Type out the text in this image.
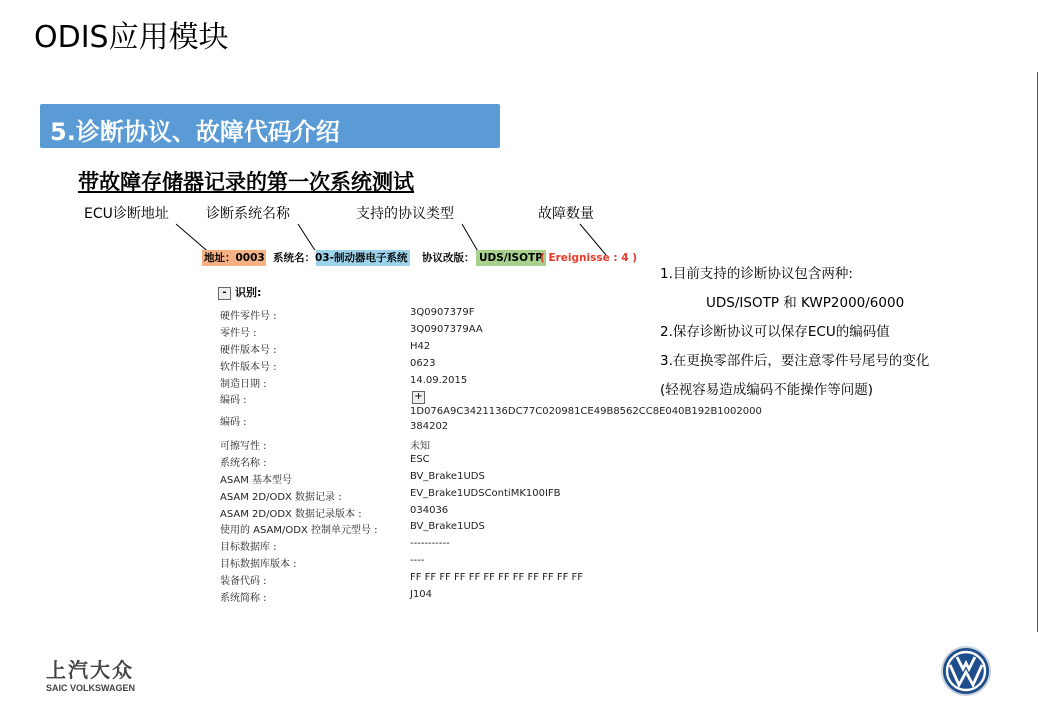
ODIS应用模块
5.诊断协议、故障代码介绍
带故障存储器记录的第一次系统测试
ECU诊断地址	诊断系统名称	支持的协议类型	故障数量
地址：0003 系统名：03-制动器电子系统 协议改版： UDS/ISOTP
( Ereignisse : 4 )
- 识别:
硬件零件号 :	3Q0907379F
零件号 :	3Q0907379AA
硬件版本号 :	H42
软件版本号 :	0623
制造日期 :	14.09.2015
编码 :	+
编码 :
1D076A9C3421136DC77C020981CE49B8562CC8E040B192B1002000
384202
可擦写性 :	未知
系统名称 :	ESC
ASAM 基本型号	BV_Brake1UDS
ASAM 2D/ODX 数据记录 :	EV_Brake1UDSContiMK100IFB
ASAM 2D/ODX 数据记录版本 :	034036
使用的 ASAM/ODX 控制单元型号 :	BV_Brake1UDS
目标数据库 :	-----------
目标数据库版本 :	----
装备代码 :	FF FF FF FF FF FF FF FF FF FF FF FF
系统简称 :	J104
1.目前支持的诊断协议包含两种:
UDS/ISOTP 和 KWP2000/6000
2.保存诊断协议可以保存ECU的编码值
3.在更换零部件后，要注意零件号尾号的变化
(轻视容易造成编码不能操作等问题)
上汽大众
SAIC VOLKSWAGEN
